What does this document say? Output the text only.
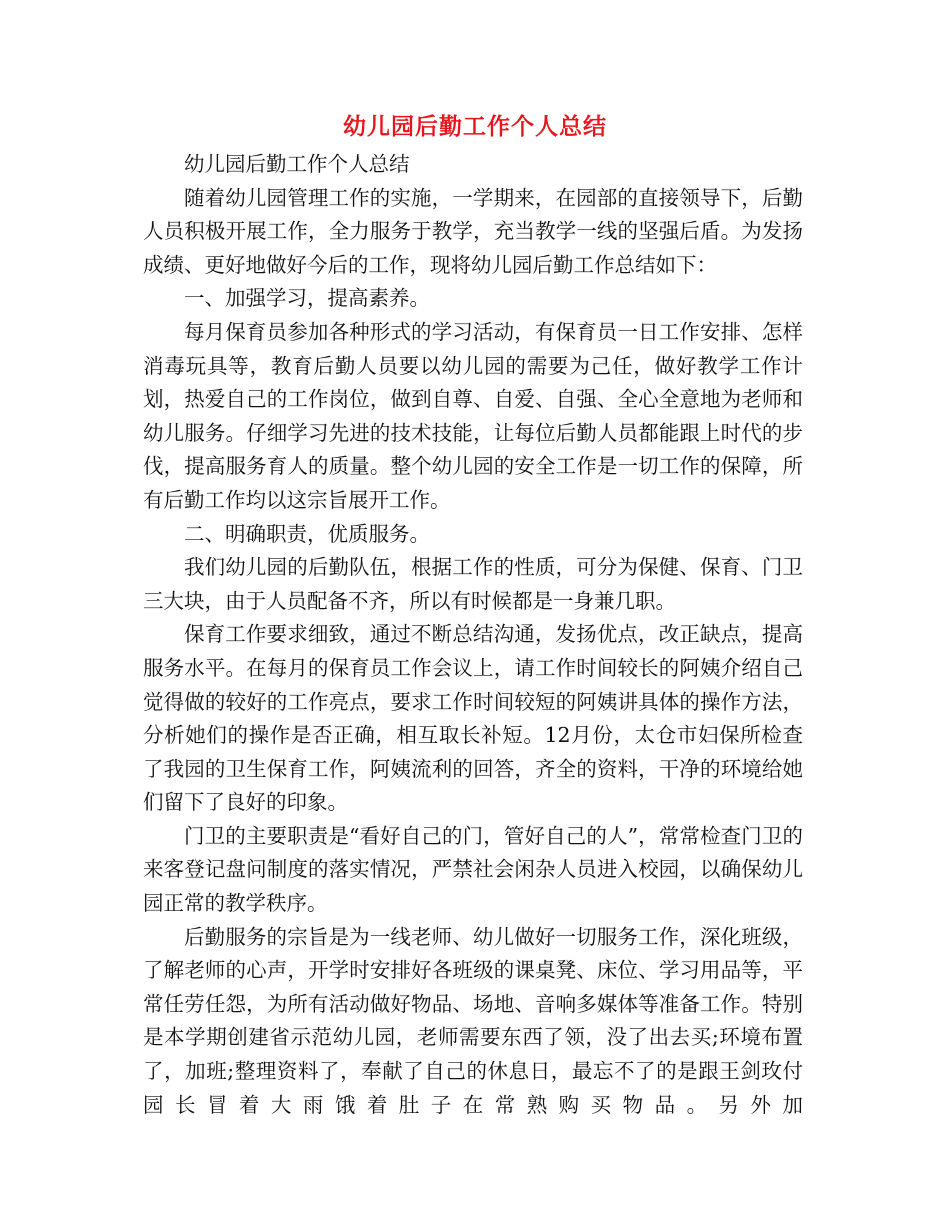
幼儿园后勤工作个人总结

幼儿园后勤工作个人总结

随着幼儿园管理工作的实施，一学期来，在园部的直接领导下，后勤人员积极开展工作，全力服务于教学，充当教学一线的坚强后盾。为发扬成绩、更好地做好今后的工作，现将幼儿园后勤工作总结如下：

一、加强学习，提高素养。

每月保育员参加各种形式的学习活动，有保育员一日工作安排、怎样消毒玩具等，教育后勤人员要以幼儿园的需要为己任，做好教学工作计划，热爱自己的工作岗位，做到自尊、自爱、自强、全心全意地为老师和幼儿服务。仔细学习先进的技术技能，让每位后勤人员都能跟上时代的步伐，提高服务育人的质量。整个幼儿园的安全工作是一切工作的保障，所有后勤工作均以这宗旨展开工作。

二、明确职责，优质服务。

我们幼儿园的后勤队伍，根据工作的性质，可分为保健、保育、门卫三大块，由于人员配备不齐，所以有时候都是一身兼几职。

保育工作要求细致，通过不断总结沟通，发扬优点，改正缺点，提高服务水平。在每月的保育员工作会议上，请工作时间较长的阿姨介绍自己觉得做的较好的工作亮点，要求工作时间较短的阿姨讲具体的操作方法，分析她们的操作是否正确，相互取长补短。12月份，太仓市妇保所检查了我园的卫生保育工作，阿姨流利的回答，齐全的资料，干净的环境给她们留下了良好的印象。

门卫的主要职责是“看好自己的门，管好自己的人”，常常检查门卫的来客登记盘问制度的落实情况，严禁社会闲杂人员进入校园，以确保幼儿园正常的教学秩序。

后勤服务的宗旨是为一线老师、幼儿做好一切服务工作，深化班级，了解老师的心声，开学时安排好各班级的课桌凳、床位、学习用品等，平常任劳任怨，为所有活动做好物品、场地、音响多媒体等准备工作。特别是本学期创建省示范幼儿园，老师需要东西了领，没了出去买;环境布置了，加班;整理资料了，奉献了自己的休息日，最忘不了的是跟王剑玫付园长冒着大雨饿着肚子在常熟购买物品。另外加
